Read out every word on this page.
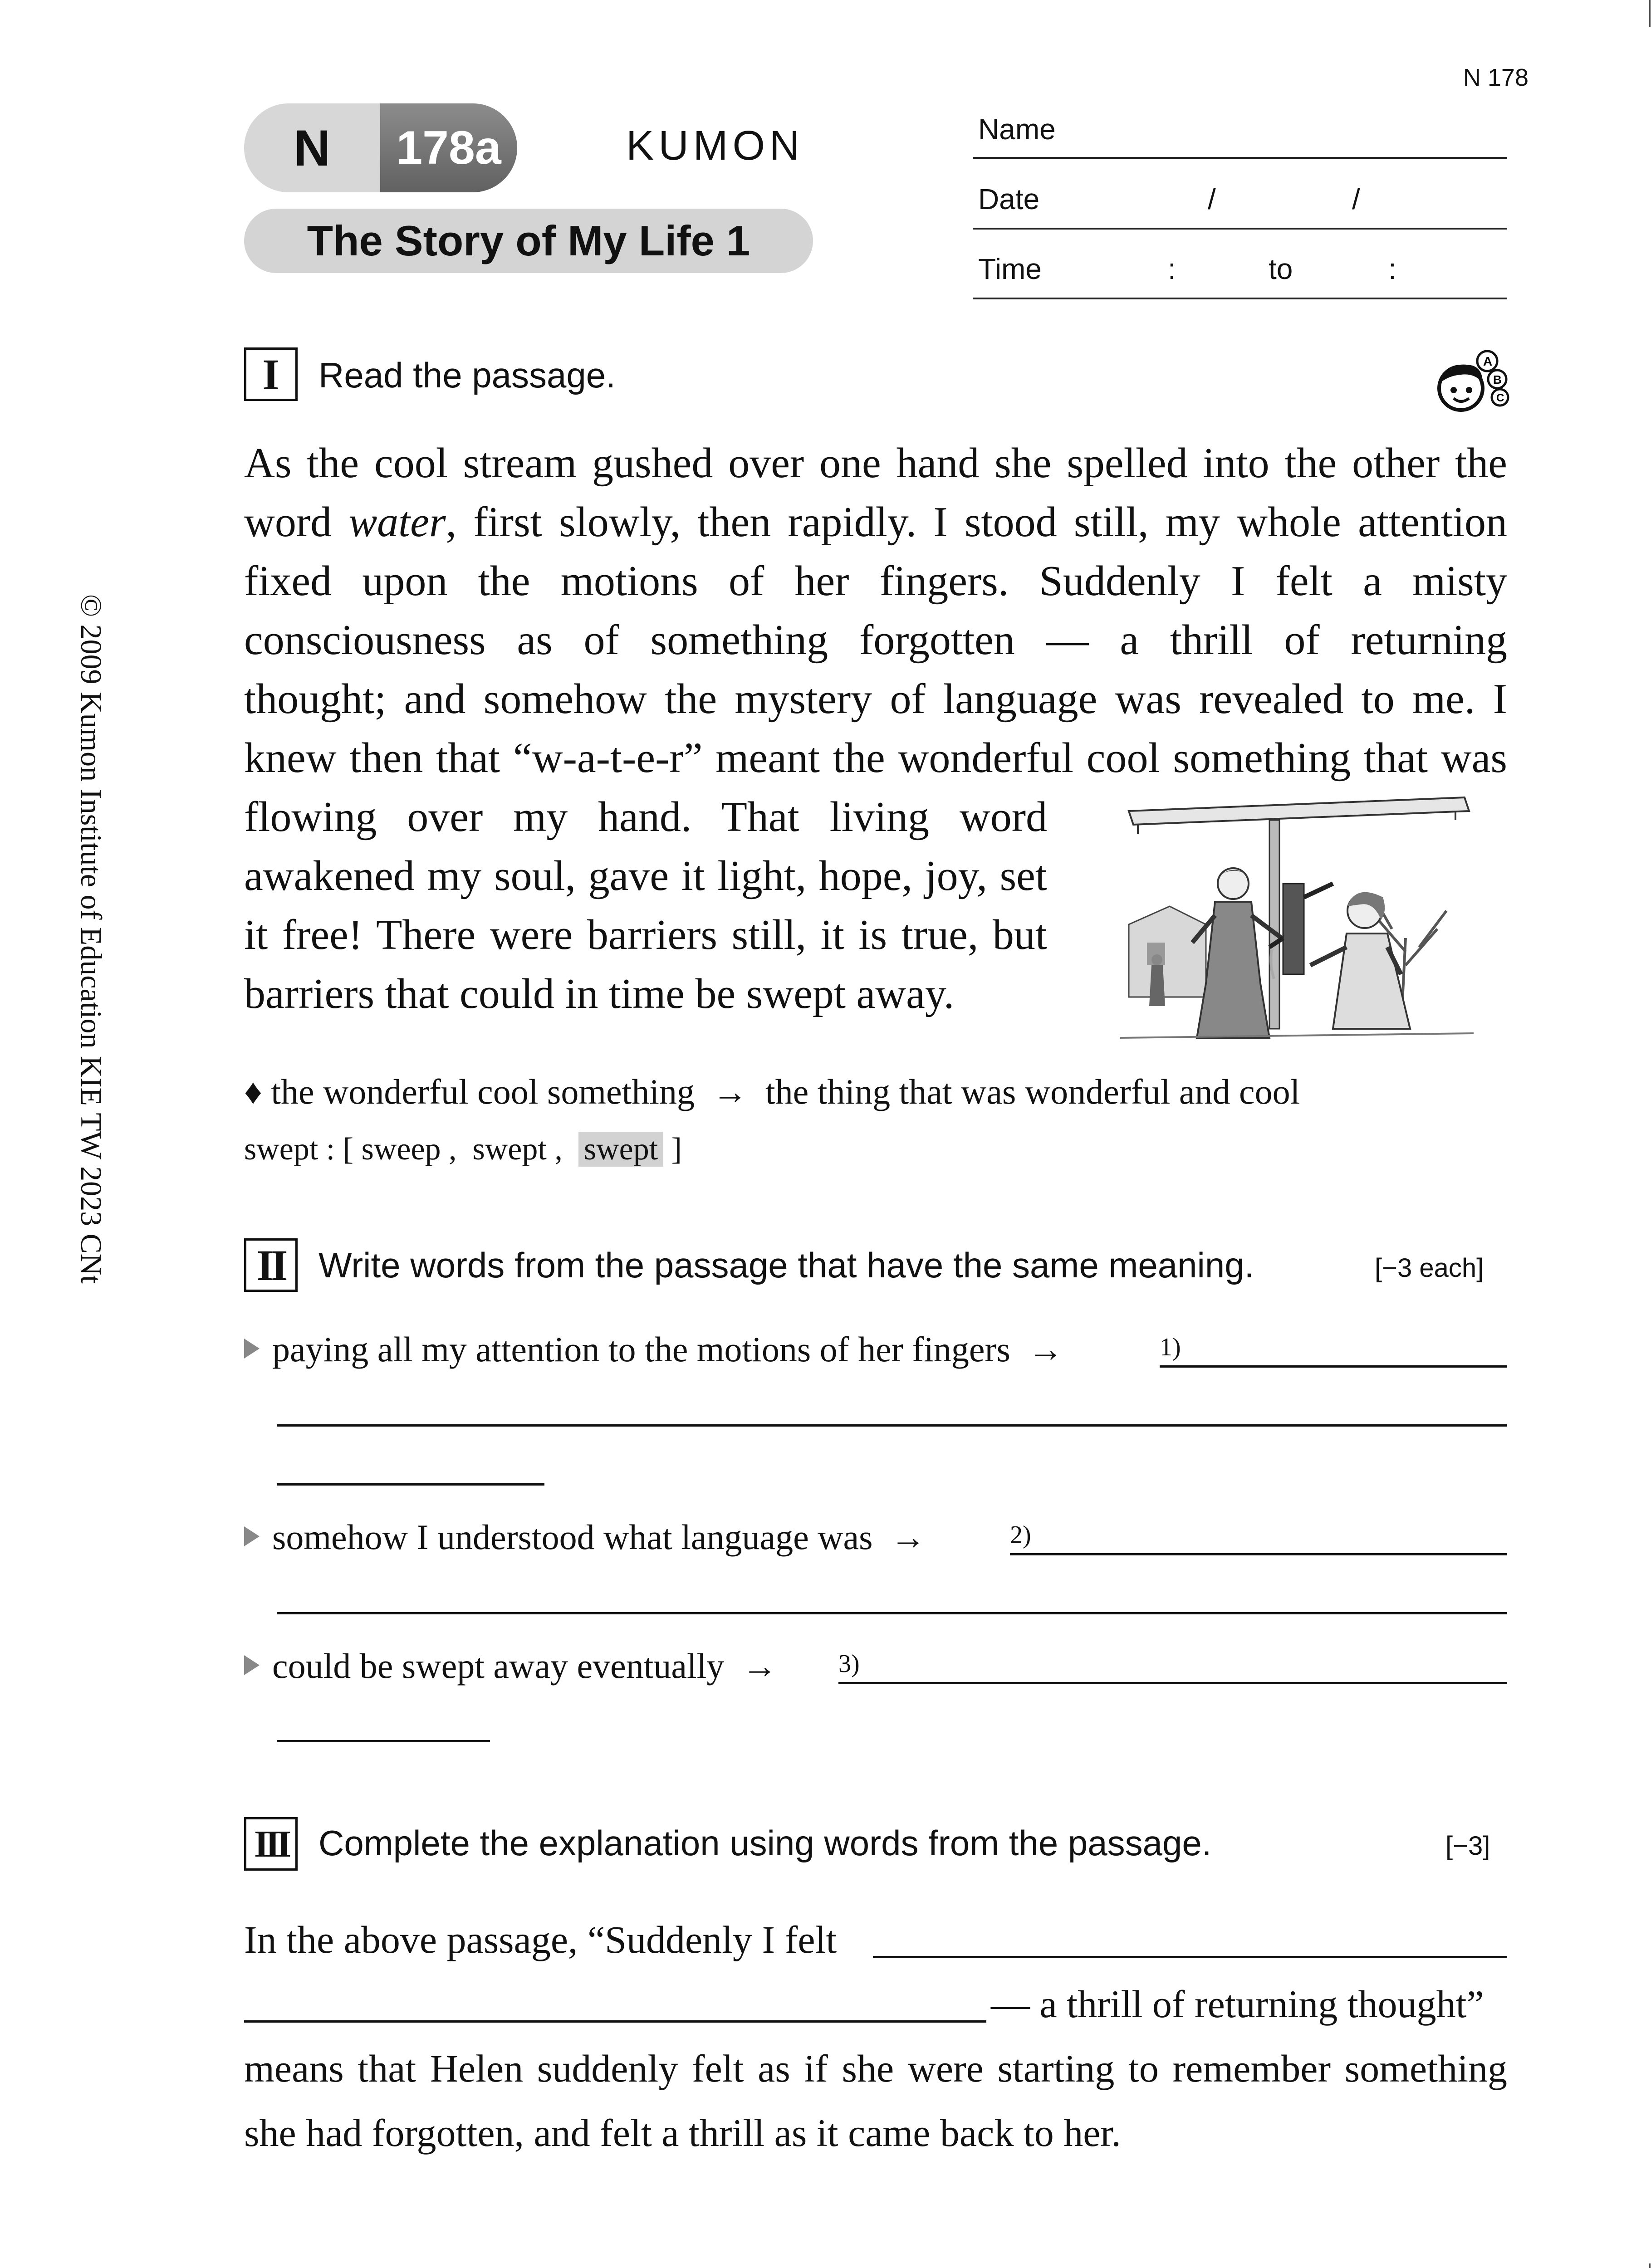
N 178
N	178a	KUMON
The Story of My Life 1
Name
Date	/	/
Time	:	to	:
© 2009 Kumon Institute of Education KIE TW 2023 CNt
I	Read the passage.	A
B
C
As the cool stream gushed over one hand she spelled into the other the
word water, first slowly, then rapidly. I stood still, my whole attention
fixed upon the motions of her fingers. Suddenly I felt a misty
consciousness as of something forgotten — a thrill of returning
thought; and somehow the mystery of language was revealed to me. I
knew then that “w-a-t-e-r” meant the wonderful cool something that was
flowing over my hand. That living word
awakened my soul, gave it light, hope, joy, set
it free! There were barriers still, it is true, but
barriers that could in time be swept away.
♦ the wonderful cool something → the thing that was wonderful and cool
swept : [ sweep , swept , swept ]
II Write words from the passage that have the same meaning.	[−3 each]
paying all my attention to the motions of her fingers →	1)
somehow I understood what language was →	2)
could be swept away eventually → 3)
III Complete the explanation using words from the passage.	[−3]
In the above passage, “Suddenly I felt
— a thrill of returning thought”
means that Helen suddenly felt as if she were starting to remember something
she had forgotten, and felt a thrill as it came back to her.
